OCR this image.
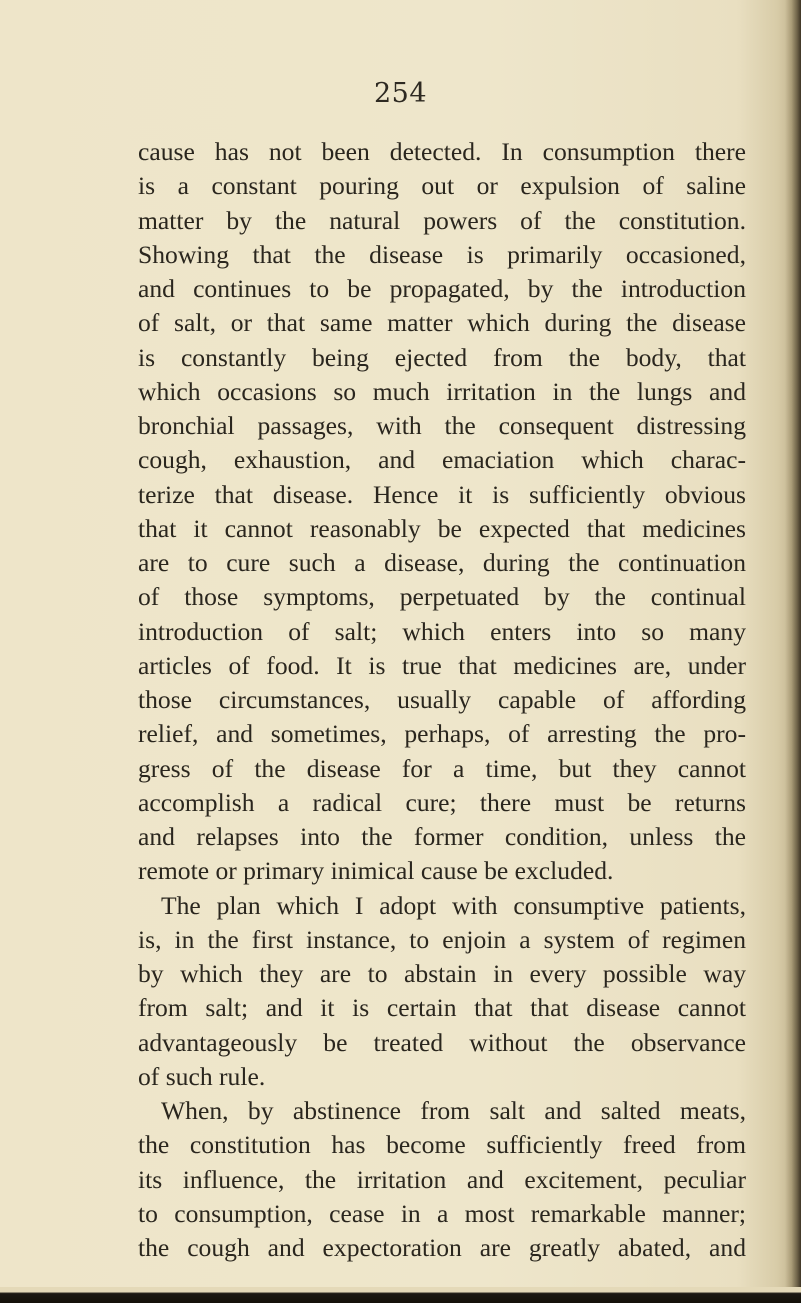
254
cause has not been detected. In consumption there
is a constant pouring out or expulsion of saline
matter by the natural powers of the constitution.
Showing that the disease is primarily occasioned,
and continues to be propagated, by the introduction
of salt, or that same matter which during the disease
is constantly being ejected from the body, that
which occasions so much irritation in the lungs and
bronchial passages, with the consequent distressing
cough, exhaustion, and emaciation which charac-
terize that disease. Hence it is sufficiently obvious
that it cannot reasonably be expected that medicines
are to cure such a disease, during the continuation
of those symptoms, perpetuated by the continual
introduction of salt; which enters into so many
articles of food. It is true that medicines are, under
those circumstances, usually capable of affording
relief, and sometimes, perhaps, of arresting the pro-
gress of the disease for a time, but they cannot
accomplish a radical cure; there must be returns
and relapses into the former condition, unless the
remote or primary inimical cause be excluded.
The plan which I adopt with consumptive patients,
is, in the first instance, to enjoin a system of regimen
by which they are to abstain in every possible way
from salt; and it is certain that that disease cannot
advantageously be treated without the observance
of such rule.
When, by abstinence from salt and salted meats,
the constitution has become sufficiently freed from
its influence, the irritation and excitement, peculiar
to consumption, cease in a most remarkable manner;
the cough and expectoration are greatly abated, and
